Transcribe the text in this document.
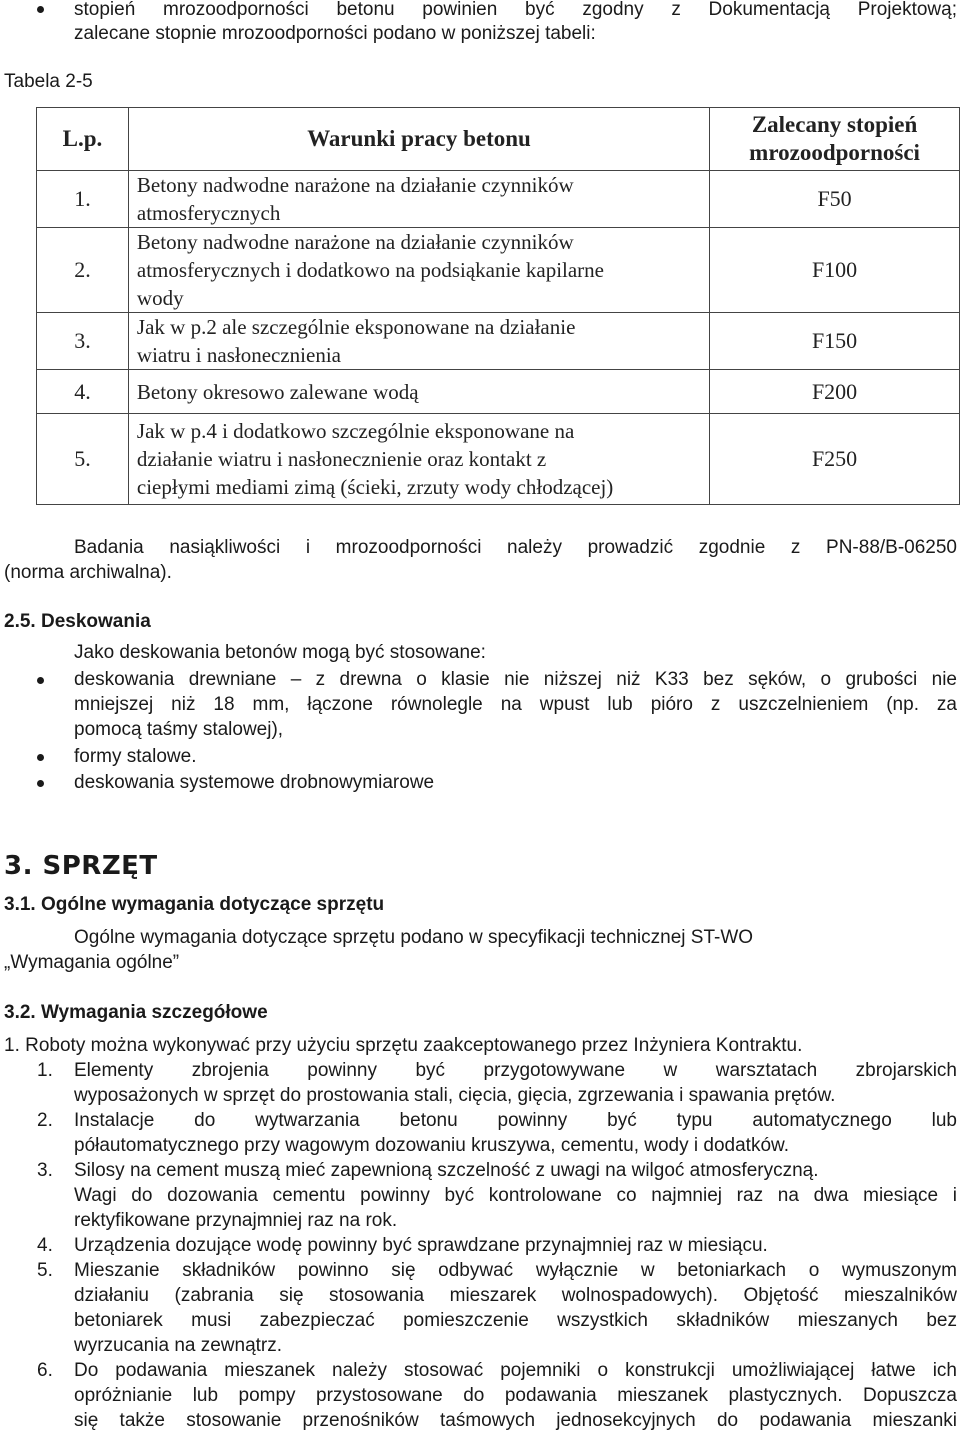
stopień mrozoodporności betonu powinien być zgodny z Dokumentacją Projektową;
zalecane stopnie mrozoodporności podano w poniższej tabeli:
Tabela 2-5
L.p.	Warunki pracy betonu	Zalecany stopień
mrozoodporności

1.	Betony nadwodne narażone na działanie czynników
atmosferycznych	F50
2.	Betony nadwodne narażone na działanie czynników
atmosferycznych i dodatkowo na podsiąkanie kapilarne
wody	F100
3.	Jak w p.2 ale szczególnie eksponowane na działanie
wiatru i nasłonecznienia	F150
4.	Betony okresowo zalewane wodą	F200
5.	Jak w p.4 i dodatkowo szczególnie eksponowane na
działanie wiatru i nasłonecznienie oraz kontakt z
ciepłymi mediami zimą (ścieki, zrzuty wody chłodzącej)	F250
Badania nasiąkliwości i mrozoodporności należy prowadzić zgodnie z PN-88/B-06250
(norma archiwalna).
2.5. Deskowania
Jako deskowania betonów mogą być stosowane:
deskowania drewniane – z drewna o klasie nie niższej niż K33 bez sęków, o grubości nie
mniejszej niż 18 mm, łączone równolegle na wpust lub pióro z uszczelnieniem (np. za
pomocą taśmy stalowej),
formy stalowe.
deskowania systemowe drobnowymiarowe
3. SPRZĘT
3.1. Ogólne wymagania dotyczące sprzętu
Ogólne wymagania dotyczące sprzętu podano w specyfikacji technicznej ST-WO
„Wymagania ogólne”
3.2. Wymagania szczegółowe
1. Roboty można wykonywać przy użyciu sprzętu zaakceptowanego przez Inżyniera Kontraktu.
1. Elementy zbrojenia powinny być przygotowywane w warsztatach zbrojarskich
wyposażonych w sprzęt do prostowania stali, cięcia, gięcia, zgrzewania i spawania prętów.
2. Instalacje do wytwarzania betonu powinny być typu automatycznego lub
półautomatycznego przy wagowym dozowaniu kruszywa, cementu, wody i dodatków.
3. Silosy na cement muszą mieć zapewnioną szczelność z uwagi na wilgoć atmosferyczną.
Wagi do dozowania cementu powinny być kontrolowane co najmniej raz na dwa miesiące i
rektyfikowane przynajmniej raz na rok.
4. Urządzenia dozujące wodę powinny być sprawdzane przynajmniej raz w miesiącu.
5. Mieszanie składników powinno się odbywać wyłącznie w betoniarkach o wymuszonym
działaniu (zabrania się stosowania mieszarek wolnospadowych). Objętość mieszalników
betoniarek musi zabezpieczać pomieszczenie wszystkich składników mieszanych bez
wyrzucania na zewnątrz.
6. Do podawania mieszanek należy stosować pojemniki o konstrukcji umożliwiającej łatwe ich
opróżnianie lub pompy przystosowane do podawania mieszanek plastycznych. Dopuszcza
się także stosowanie przenośników taśmowych jednosekcyjnych do podawania mieszanki
